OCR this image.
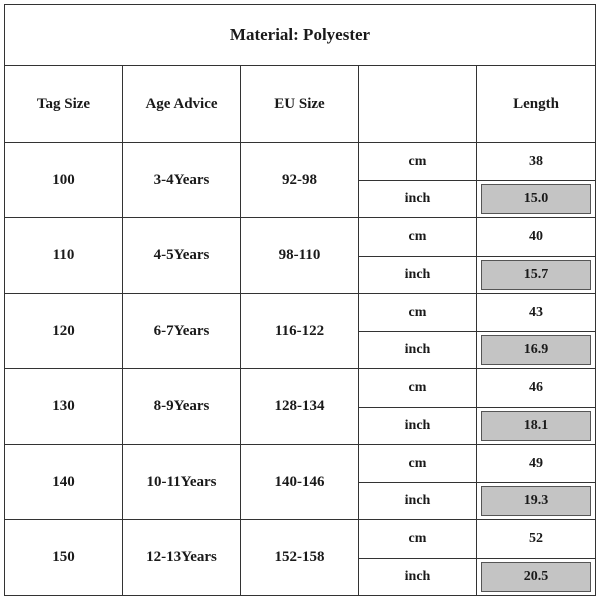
Material: Polyester				
Tag Size	Age Advice	EU Size		Length
100	3-4Years	92-98	cm	38
			inch	15.0

110	4-5Years	98-110	cm	40
			inch	15.7

120	6-7Years	116-122	cm	43
			inch	16.9

130	8-9Years	128-134	cm	46
			inch	18.1

140	10-11Years	140-146	cm	49
			inch	19.3

150	12-13Years	152-158	cm	52
			inch	20.5
